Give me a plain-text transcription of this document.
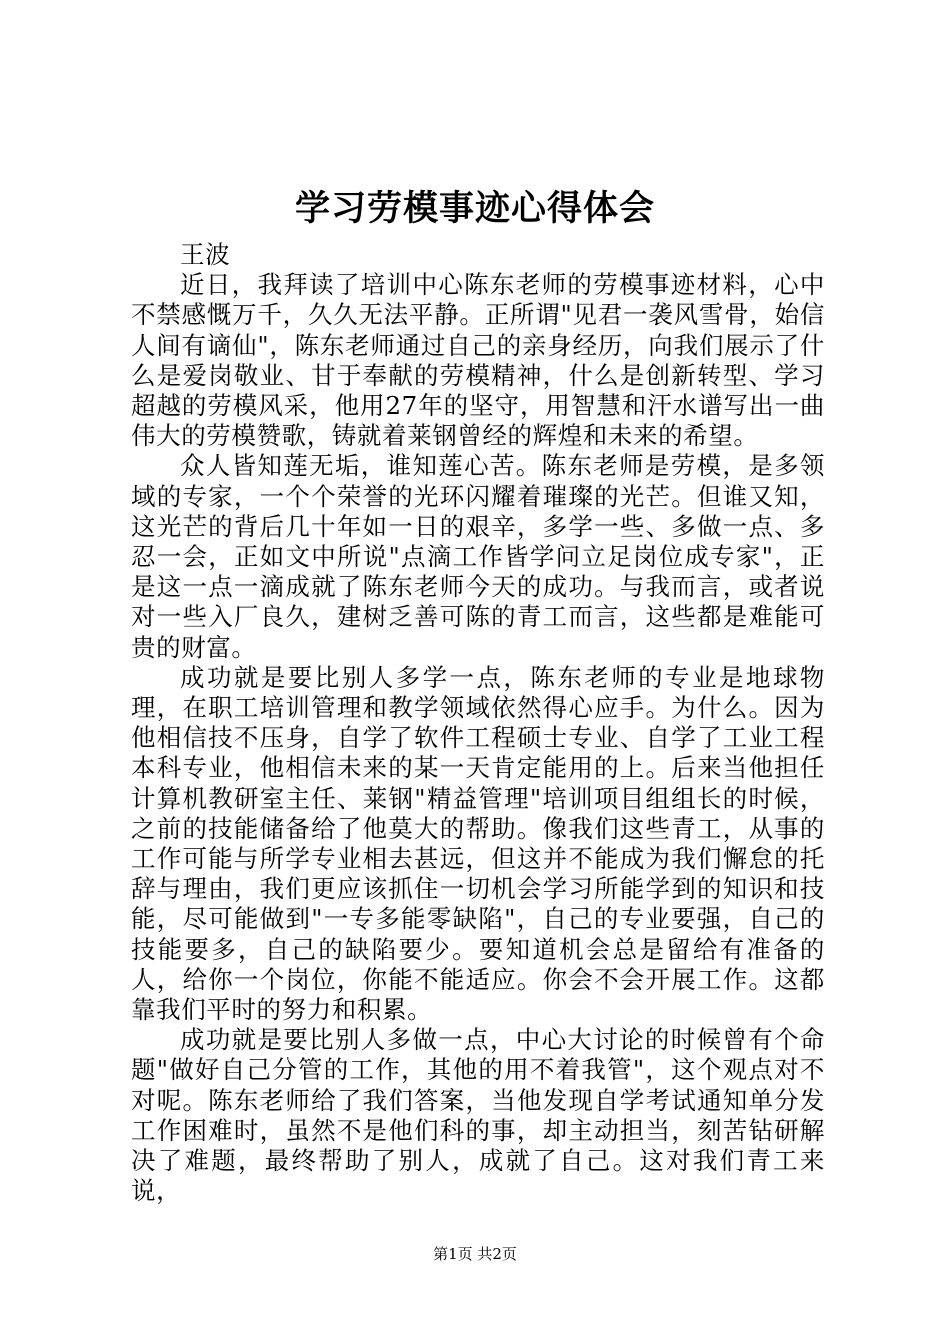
学习劳模事迹心得体会

王波

近日，我拜读了培训中心陈东老师的劳模事迹材料，心中不禁感慨万千，久久无法平静。正所谓"见君一袭风雪骨，始信人间有谪仙"，陈东老师通过自己的亲身经历，向我们展示了什么是爱岗敬业、甘于奉献的劳模精神，什么是创新转型、学习超越的劳模风采，他用27年的坚守，用智慧和汗水谱写出一曲伟大的劳模赞歌，铸就着莱钢曾经的辉煌和未来的希望。

众人皆知莲无垢，谁知莲心苦。陈东老师是劳模，是多领域的专家，一个个荣誉的光环闪耀着璀璨的光芒。但谁又知，这光芒的背后几十年如一日的艰辛，多学一些、多做一点、多忍一会，正如文中所说"点滴工作皆学问立足岗位成专家"，正是这一点一滴成就了陈东老师今天的成功。与我而言，或者说对一些入厂良久，建树乏善可陈的青工而言，这些都是难能可贵的财富。

成功就是要比别人多学一点，陈东老师的专业是地球物理，在职工培训管理和教学领域依然得心应手。为什么。因为他相信技不压身，自学了软件工程硕士专业、自学了工业工程本科专业，他相信未来的某一天肯定能用的上。后来当他担任计算机教研室主任、莱钢"精益管理"培训项目组组长的时候，之前的技能储备给了他莫大的帮助。像我们这些青工，从事的工作可能与所学专业相去甚远，但这并不能成为我们懈怠的托辞与理由，我们更应该抓住一切机会学习所能学到的知识和技能，尽可能做到"一专多能零缺陷"，自己的专业要强，自己的技能要多，自己的缺陷要少。要知道机会总是留给有准备的人，给你一个岗位，你能不能适应。你会不会开展工作。这都靠我们平时的努力和积累。

成功就是要比别人多做一点，中心大讨论的时候曾有个命题"做好自己分管的工作，其他的用不着我管"，这个观点对不对呢。陈东老师给了我们答案，当他发现自学考试通知单分发工作困难时，虽然不是他们科的事，却主动担当，刻苦钻研解决了难题，最终帮助了别人，成就了自己。这对我们青工来说，

第1页 共2页
